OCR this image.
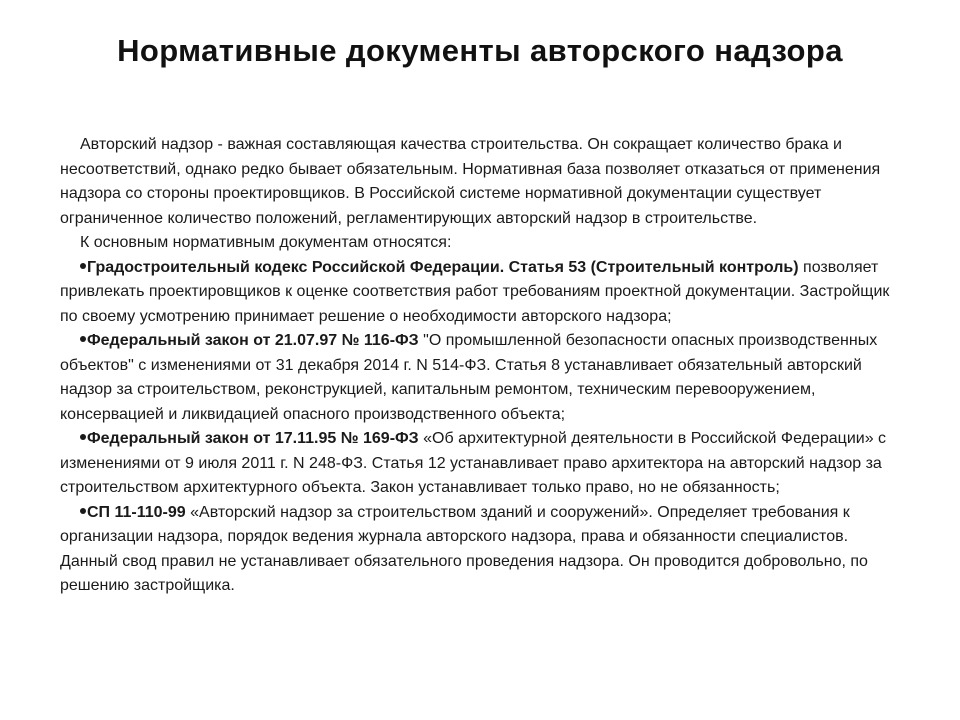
Нормативные документы авторского надзора

Авторский надзор - важная составляющая качества строительства. Он сокращает количество брака и несоответствий, однако редко бывает обязательным. Нормативная база позволяет отказаться от применения надзора со стороны проектировщиков. В Российской системе нормативной документации существует ограниченное количество положений, регламентирующих авторский надзор в строительстве.

К основным нормативным документам относятся:

Градостроительный кодекс Российской Федерации. Статья 53 (Строительный контроль) позволяет привлекать проектировщиков к оценке соответствия работ требованиям проектной документации. Застройщик по своему усмотрению принимает решение о необходимости авторского надзора;

Федеральный закон от 21.07.97 № 116-ФЗ "О промышленной безопасности опасных производственных объектов" с изменениями от 31 декабря 2014 г. N 514-ФЗ. Статья 8 устанавливает обязательный авторский надзор за строительством, реконструкцией, капитальным ремонтом, техническим перевооружением, консервацией и ликвидацией опасного производственного объекта;

Федеральный закон от 17.11.95 № 169-ФЗ «Об архитектурной деятельности в Российской Федерации» с изменениями от 9 июля 2011 г. N 248-ФЗ. Статья 12 устанавливает право архитектора на авторский надзор за строительством архитектурного объекта. Закон устанавливает только право, но не обязанность;

СП 11-110-99 «Авторский надзор за строительством зданий и сооружений». Определяет требования к организации надзора, порядок ведения журнала авторского надзора, права и обязанности специалистов. Данный свод правил не устанавливает обязательного проведения надзора. Он проводится добровольно, по решению застройщика.
